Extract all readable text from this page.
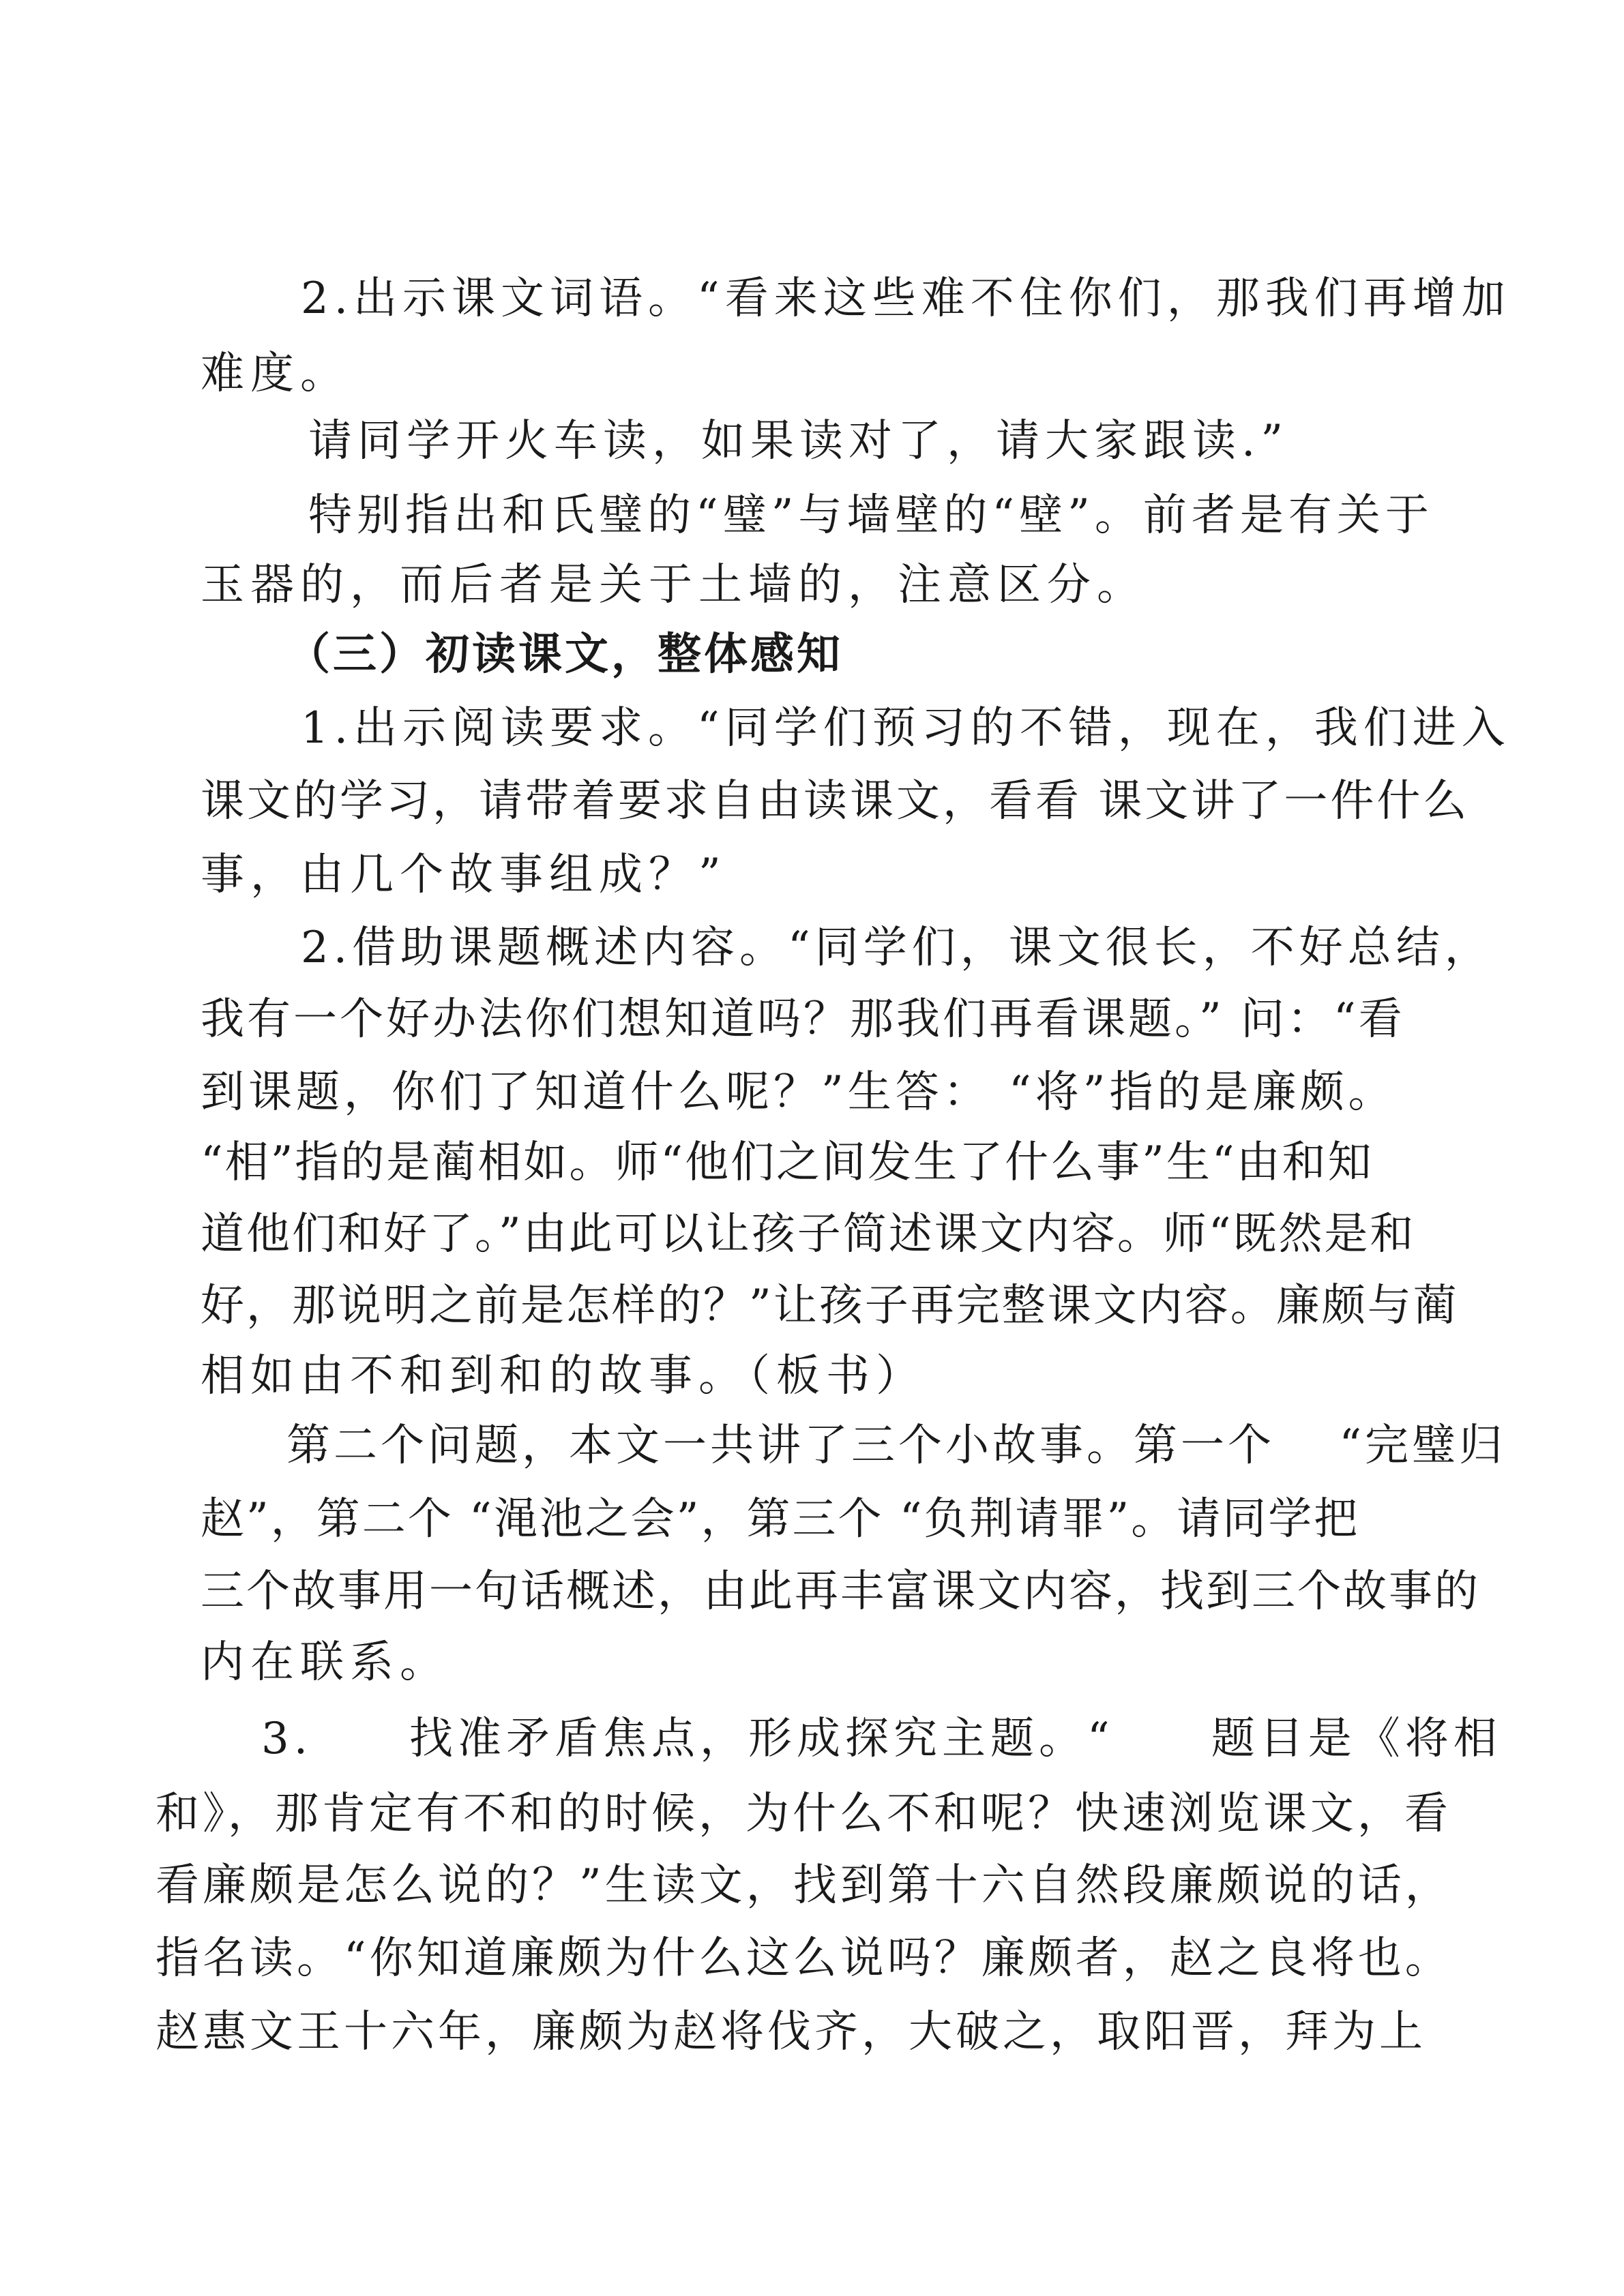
2.出示课文词语。“看来这些难不住你们，那我们再增加
难度。
请同学开火车读，如果读对了，请大家跟读.”
特别指出和氏璧的“璧”与墙壁的“壁”。前者是有关于
玉器的，而后者是关于土墙的，注意区分。
（三）初读课文，整体感知
1.出示阅读要求。“同学们预习的不错，现在，我们进入
课文的学习，请带着要求自由读课文，看看 课文讲了一件什么
事，由几个故事组成？”
2.借助课题概述内容。“同学们，课文很长，不好总结，
我有一个好办法你们想知道吗？那我们再看课题。” 问：“看
到课题，你们了知道什么呢？”生答： “将”指的是廉颇。
“相”指的是蔺相如。师“他们之间发生了什么事”生“由和知
道他们和好了。”由此可以让孩子简述课文内容。师“既然是和
好，那说明之前是怎样的？”让孩子再完整课文内容。廉颇与蔺
相如由不和到和的故事。（板书）
第二个问题，本文一共讲了三个小故事。第一个　 “完璧归
赵”，第二个 “渑池之会”，第三个 “负荆请罪”。请同学把
三个故事用一句话概述，由此再丰富课文内容，找到三个故事的
内在联系。
3.　　找准矛盾焦点，形成探究主题。“　　题目是《将相
和》，那肯定有不和的时候，为什么不和呢？快速浏览课文，看
看廉颇是怎么说的？”生读文，找到第十六自然段廉颇说的话，
指名读。“你知道廉颇为什么这么说吗？廉颇者，赵之良将也。
赵惠文王十六年，廉颇为赵将伐齐，大破之，取阳晋，拜为上
